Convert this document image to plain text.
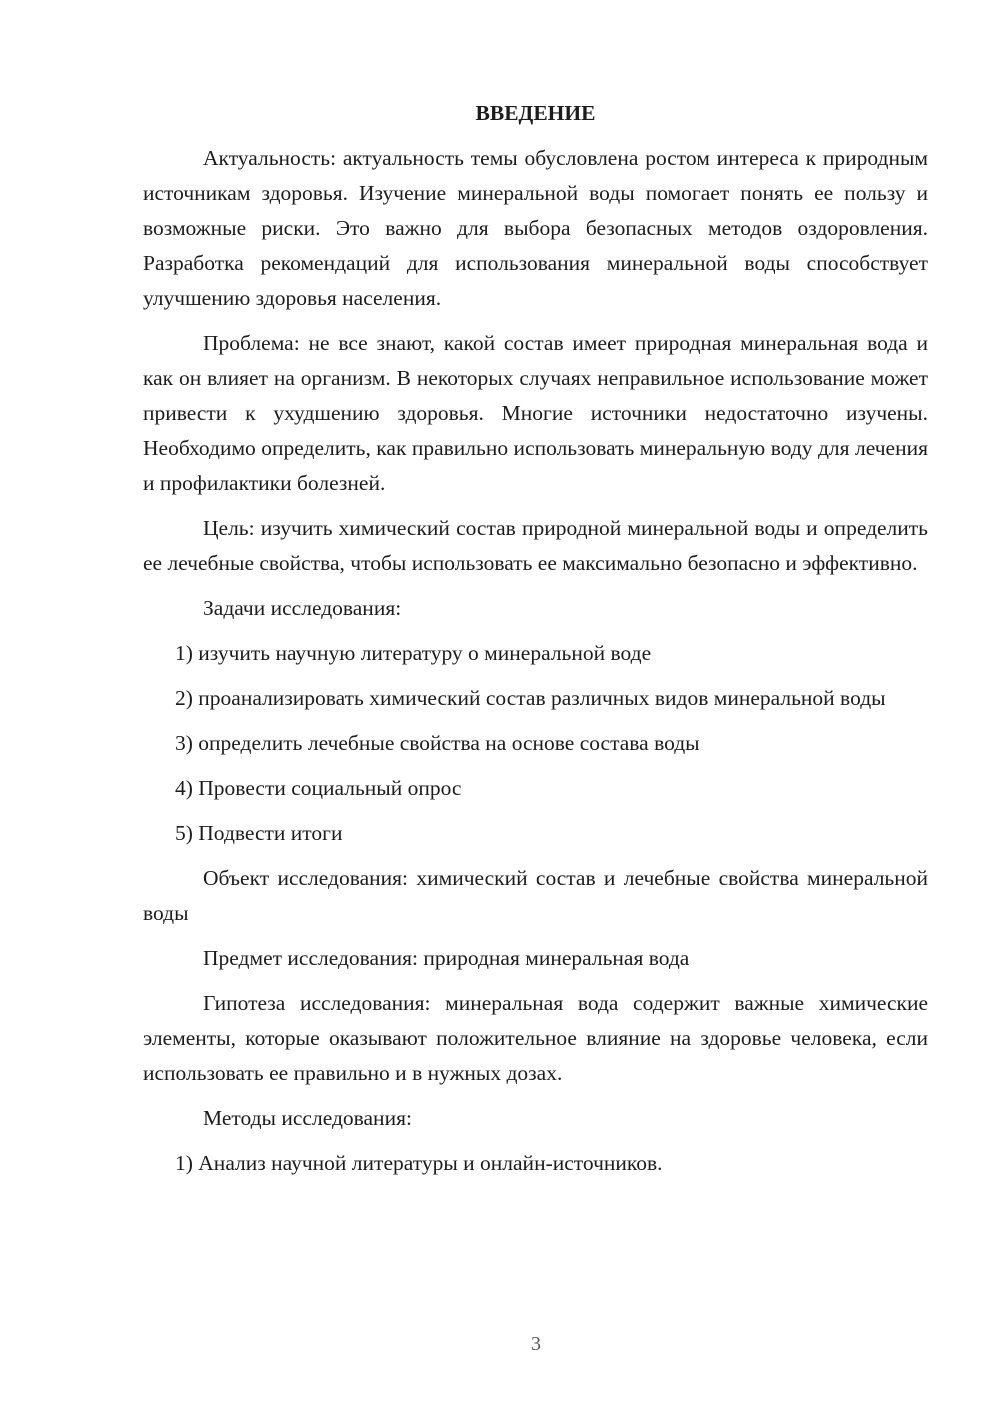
ВВЕДЕНИЕ

Актуальность: актуальность темы обусловлена ростом интереса к природным источникам здоровья. Изучение минеральной воды помогает понять ее пользу и возможные риски. Это важно для выбора безопасных методов оздоровления. Разработка рекомендаций для использования минеральной воды способствует улучшению здоровья населения.

Проблема: не все знают, какой состав имеет природная минеральная вода и как он влияет на организм. В некоторых случаях неправильное использование может привести к ухудшению здоровья. Многие источники недостаточно изучены. Необходимо определить, как правильно использовать минеральную воду для лечения и профилактики болезней.

Цель: изучить химический состав природной минеральной воды и определить ее лечебные свойства, чтобы использовать ее максимально безопасно и эффективно.

Задачи исследования:

1) изучить научную литературу о минеральной воде

2) проанализировать химический состав различных видов минеральной воды

3) определить лечебные свойства на основе состава воды

4) Провести социальный опрос

5) Подвести итоги

Объект исследования: химический состав и лечебные свойства минеральной воды

Предмет исследования: природная минеральная вода

Гипотеза исследования: минеральная вода содержит важные химические элементы, которые оказывают положительное влияние на здоровье человека, если использовать ее правильно и в нужных дозах.

Методы исследования:

1) Анализ научной литературы и онлайн-источников.

3
